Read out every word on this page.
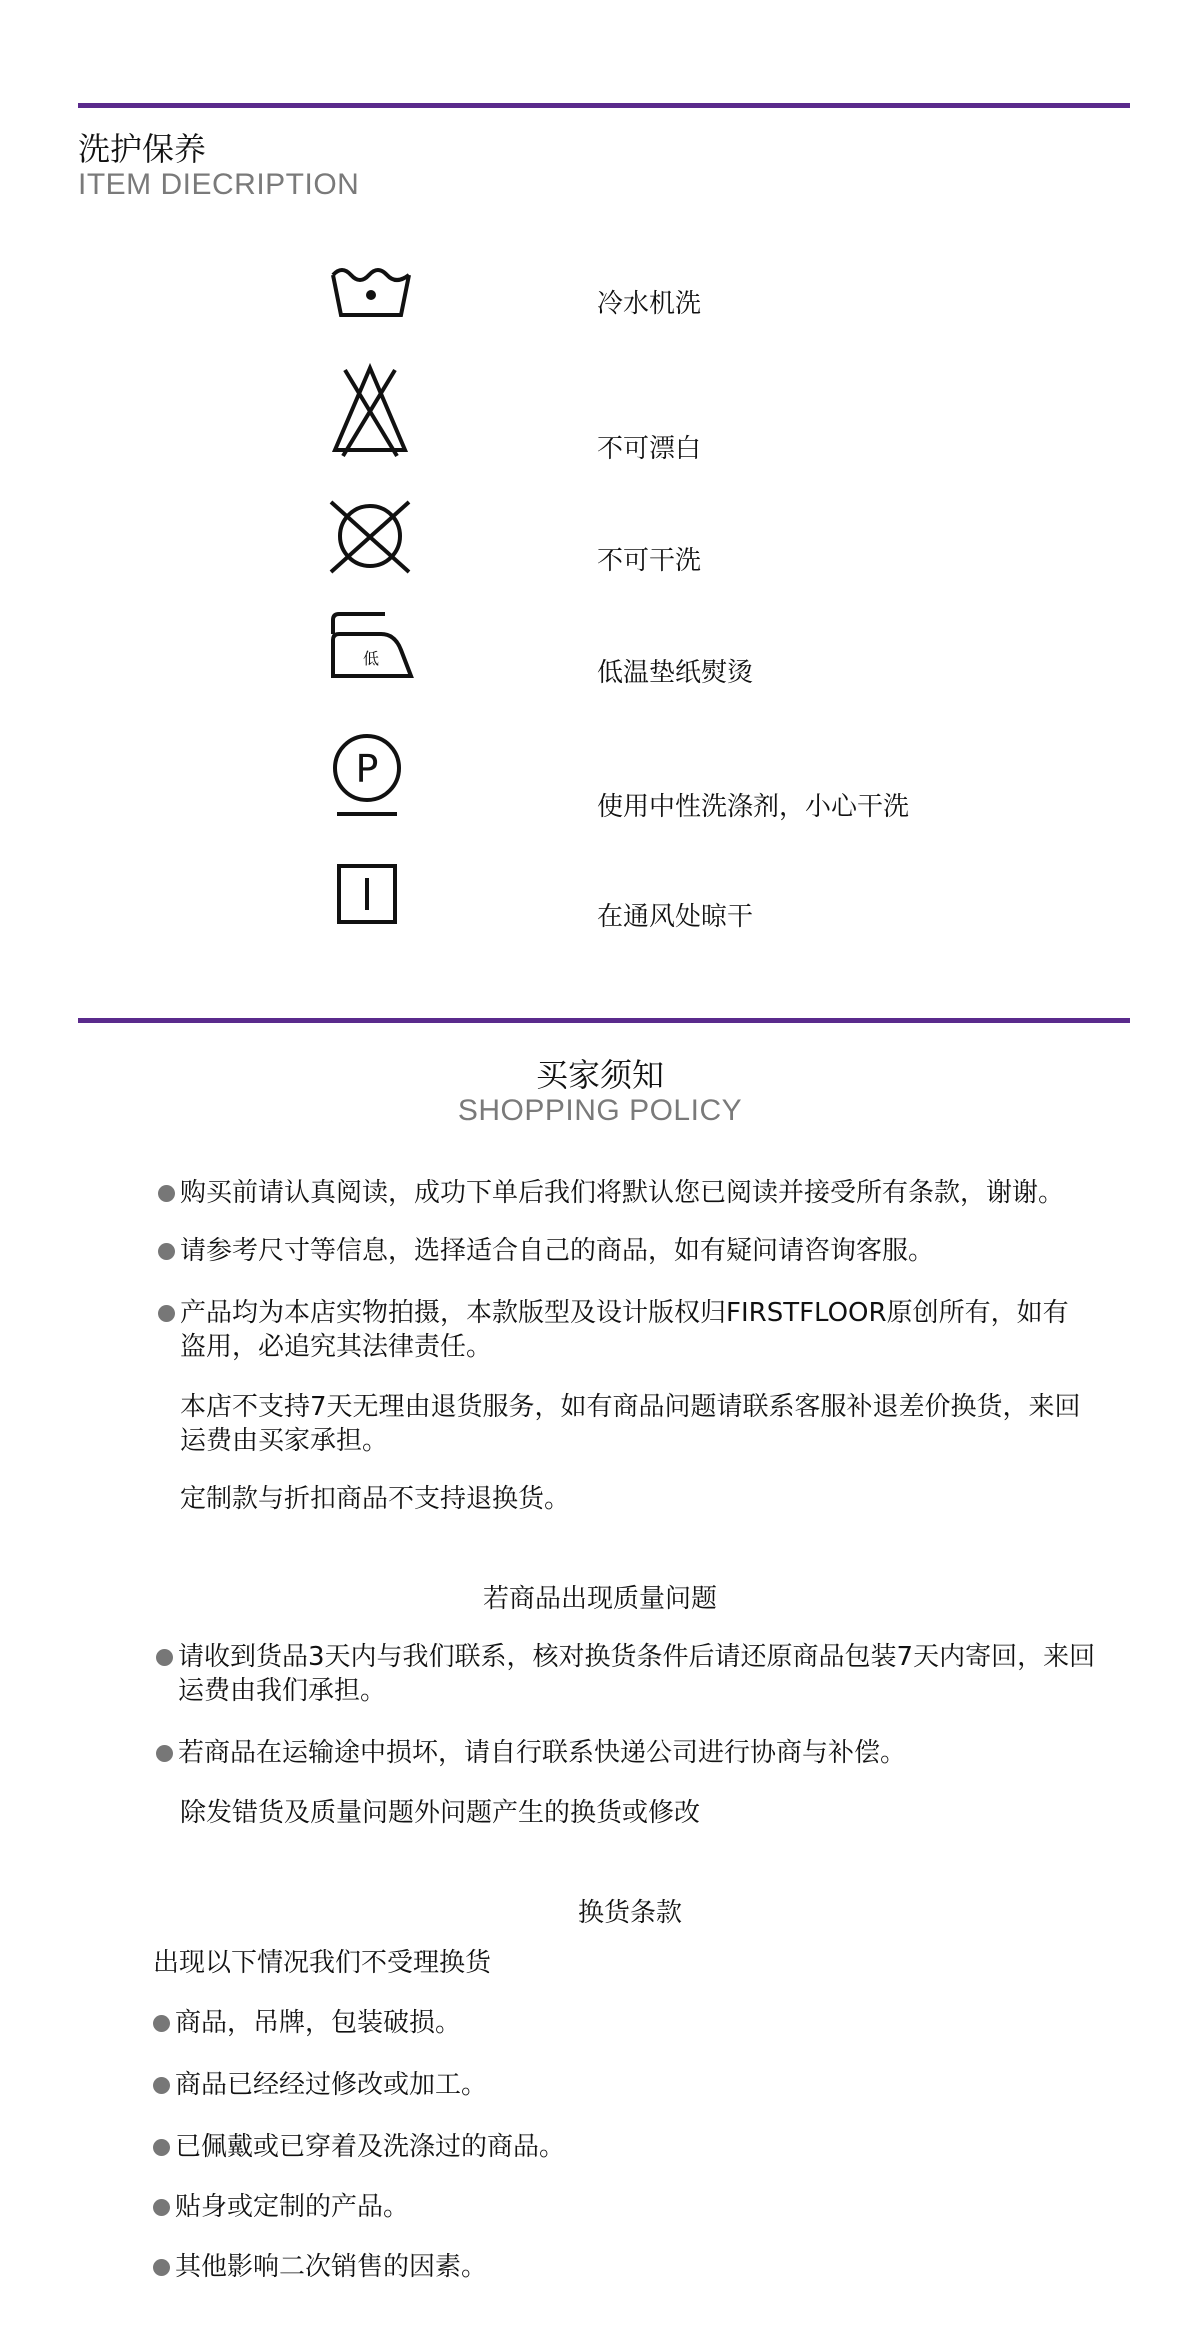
洗护保养
ITEM DIECRIPTION
冷水机洗
不可漂白
不可干洗
低	低温垫纸熨烫
P
使用中性洗涤剂，小心干洗
在通风处晾干
买家须知
SHOPPING POLICY
购买前请认真阅读，成功下单后我们将默认您已阅读并接受所有条款，谢谢。
请参考尺寸等信息，选择适合自己的商品，如有疑问请咨询客服。
产品均为本店实物拍摄，本款版型及设计版权归FIRSTFLOOR原创所有，如有盗用，必追究其法律责任。
本店不支持7天无理由退货服务，如有商品问题请联系客服补退差价换货，来回运费由买家承担。
定制款与折扣商品不支持退换货。
若商品出现质量问题
请收到货品3天内与我们联系，核对换货条件后请还原商品包装7天内寄回，来回运费由我们承担。
若商品在运输途中损坏，请自行联系快递公司进行协商与补偿。
除发错货及质量问题外问题产生的换货或修改
换货条款
出现以下情况我们不受理换货
商品，吊牌，包装破损。
商品已经经过修改或加工。
已佩戴或已穿着及洗涤过的商品。
贴身或定制的产品。
其他影响二次销售的因素。
